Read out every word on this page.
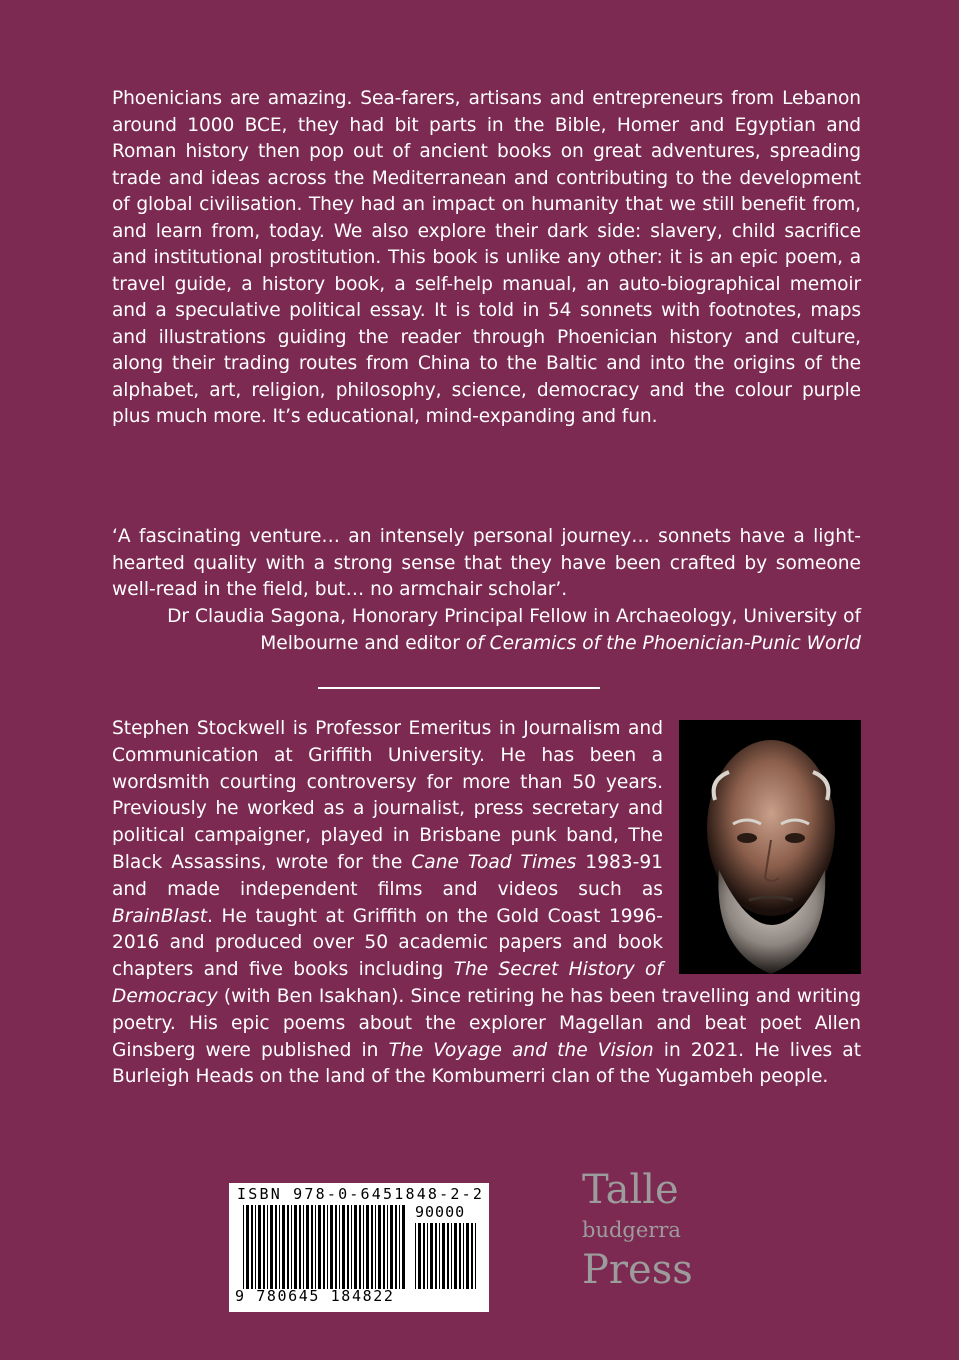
Phoenicians are amazing. Sea-farers, artisans and entrepreneurs from Lebanon around 1000 BCE, they had bit parts in the Bible, Homer and Egyptian and Roman history then pop out of ancient books on great adventures, spreading trade and ideas across the Mediterranean and contributing to the development of global civilisation. They had an impact on humanity that we still benefit from, and learn from, today. We also explore their dark side: slavery, child sacrifice and institutional prostitution. This book is unlike any other: it is an epic poem, a travel guide, a history book, a self-help manual, an auto-biographical memoir and a speculative political essay. It is told in 54 sonnets with footnotes, maps and illustrations guiding the reader through Phoenician history and culture, along their trading routes from China to the Baltic and into the origins of the alphabet, art, religion, philosophy, science, democracy and the colour purple plus much more. It’s educational, mind-expanding and fun.

‘A fascinating venture… an intensely personal journey… sonnets have a light-hearted quality with a strong sense that they have been crafted by someone well-read in the field, but… no armchair scholar’.

Dr Claudia Sagona, Honorary Principal Fellow in Archaeology, University of Melbourne and editor of Ceramics of the Phoenician-Punic World

Stephen Stockwell is Professor Emeritus in Journalism and Communication at Griffith University. He has been a wordsmith courting controversy for more than 50 years. Previously he worked as a journalist, press secretary and political campaigner, played in Brisbane punk band, The Black Assassins, wrote for the Cane Toad Times 1983-91 and made independent films and videos such as BrainBlast. He taught at Griffith on the Gold Coast 1996-2016 and produced over 50 academic papers and book chapters and five books including The Secret History of Democracy (with Ben Isakhan). Since retiring he has been travelling and writing poetry. His epic poems about the explorer Magellan and beat poet Allen Ginsberg were published in The Voyage and the Vision in 2021. He lives at Burleigh Heads on the land of the Kombumerri clan of the Yugambeh people.

ISBN 978-0-6451848-2-2
90000
9 780645 184822
Talle
budgerra
Press
